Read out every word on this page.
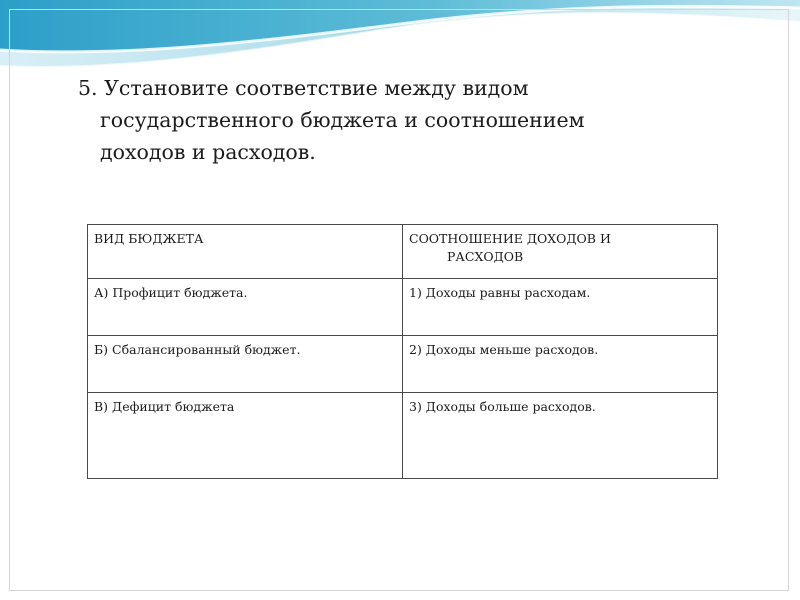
5. Установите соответствие между видом
государственного бюджета и соотношением
доходов и расходов.
ВИД БЮДЖЕТА	СООТНОШЕНИЕ ДОХОДОВ И
РАСХОДОВ

А) Профицит бюджета.	1) Доходы равны расходам.
Б) Сбалансированный бюджет.	2) Доходы меньше расходов.
В) Дефицит бюджета	3) Доходы больше расходов.
